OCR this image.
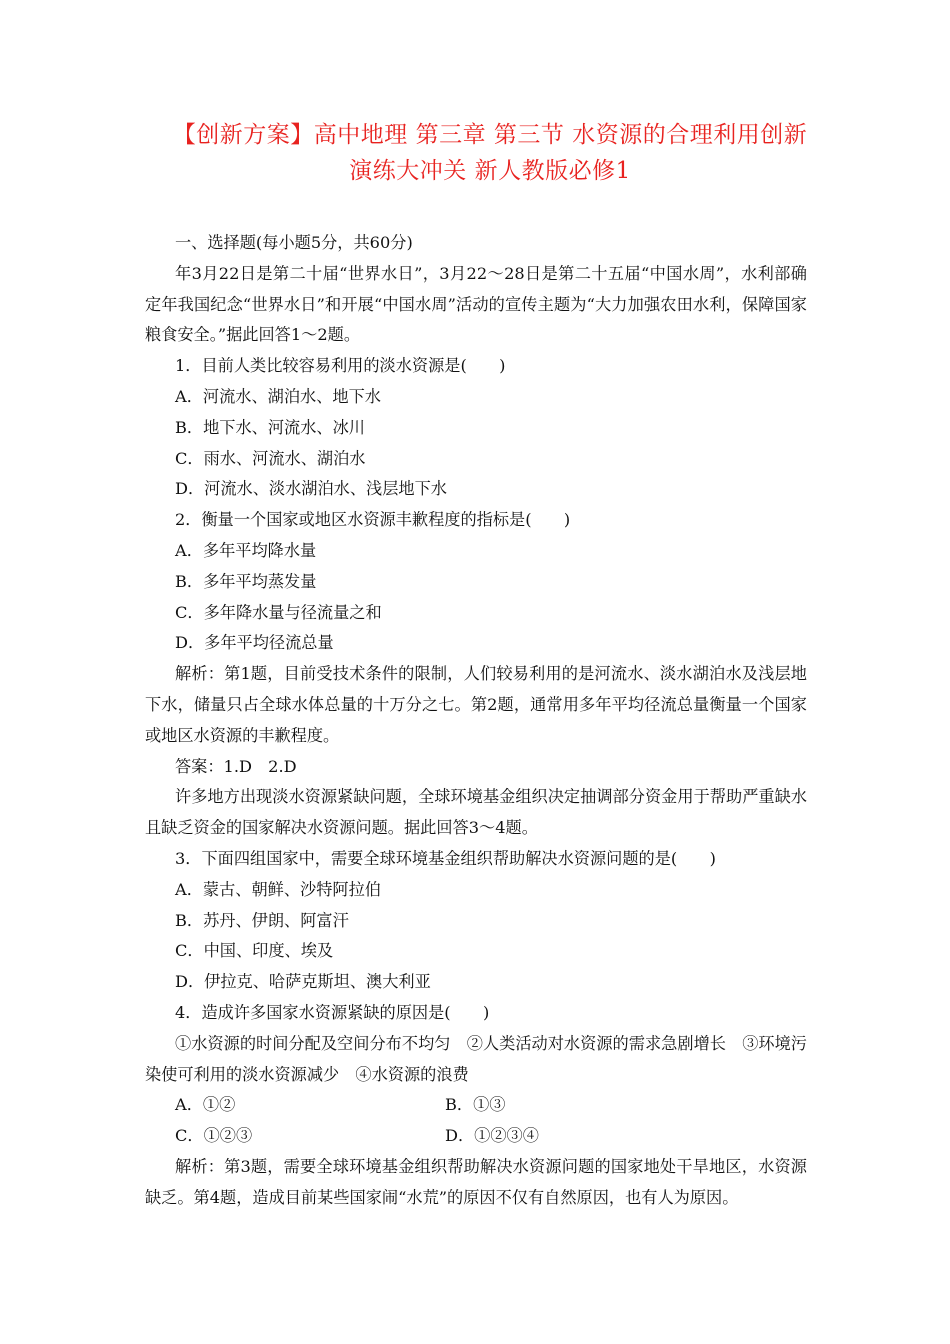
【创新方案】高中地理 第三章 第三节 水资源的合理利用创新
演练大冲关 新人教版必修1
一、选择题(每小题5分，共60分)
年3月22日是第二十届“世界水日”，3月22～28日是第二十五届“中国水周”，水利部确定年我国纪念“世界水日”和开展“中国水周”活动的宣传主题为“大力加强农田水利，保障国家粮食安全。”据此回答1～2题。
1．目前人类比较容易利用的淡水资源是(　　)
A．河流水、湖泊水、地下水
B．地下水、河流水、冰川
C．雨水、河流水、湖泊水
D．河流水、淡水湖泊水、浅层地下水
2．衡量一个国家或地区水资源丰歉程度的指标是(　　)
A．多年平均降水量
B．多年平均蒸发量
C．多年降水量与径流量之和
D．多年平均径流总量
解析：第1题，目前受技术条件的限制，人们较易利用的是河流水、淡水湖泊水及浅层地下水，储量只占全球水体总量的十万分之七。第2题，通常用多年平均径流总量衡量一个国家或地区水资源的丰歉程度。
答案：1.D　2.D
许多地方出现淡水资源紧缺问题，全球环境基金组织决定抽调部分资金用于帮助严重缺水且缺乏资金的国家解决水资源问题。据此回答3～4题。
3．下面四组国家中，需要全球环境基金组织帮助解决水资源问题的是(　　)
A．蒙古、朝鲜、沙特阿拉伯
B．苏丹、伊朗、阿富汗
C．中国、印度、埃及
D．伊拉克、哈萨克斯坦、澳大利亚
4．造成许多国家水资源紧缺的原因是(　　)
①水资源的时间分配及空间分布不均匀　②人类活动对水资源的需求急剧增长　③环境污染使可利用的淡水资源减少　④水资源的浪费
A．①②	B．①③
C．①②③	D．①②③④
解析：第3题，需要全球环境基金组织帮助解决水资源问题的国家地处干旱地区，水资源缺乏。第4题，造成目前某些国家闹“水荒”的原因不仅有自然原因，也有人为原因。
